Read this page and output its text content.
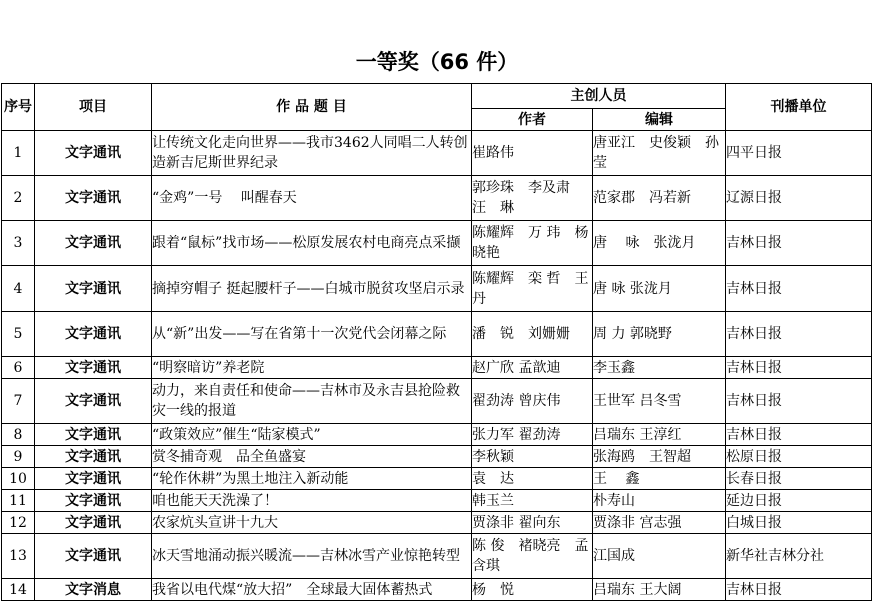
一等奖（66 件）
序号	项目	作 品 题 目	主创人员		刊播单位
			作者	编辑	
1	文字通讯	让传统文化走向世界——我市3462人同唱二人转创造新吉尼斯世界纪录	崔路伟	唐亚江　史俊颖　孙　莹	四平日报
2	文字通讯	“金鸡”一号　 叫醒春天	郭珍珠　李及肃　汪　琳	范家郡　冯若新	辽源日报
3	文字通讯	跟着“鼠标”找市场——松原发展农村电商亮点采撷	陈耀辉　万 玮　杨晓艳	唐　 咏　张泷月	吉林日报
4	文字通讯	摘掉穷帽子 挺起腰杆子——白城市脱贫攻坚启示录	陈耀辉　栾 哲　王　丹	唐 咏 张泷月	吉林日报
5	文字通讯	从“新”出发——写在省第十一次党代会闭幕之际	潘　锐　刘姗姗	周 力 郭晓野	吉林日报
6	文字通讯	“明察暗访”养老院	赵广欣 孟歆迪	李玉鑫	吉林日报
7	文字通讯	动力，来自责任和使命——吉林市及永吉县抢险救灾一线的报道	翟劲涛 曾庆伟	王世军 吕冬雪	吉林日报
8	文字通讯	“政策效应”催生“陆家模式”	张力军 翟劲涛	吕瑞东 王淳红	吉林日报
9	文字通讯	赏冬捕奇观　品全鱼盛宴	李秋颖	张海鸥　王智超	松原日报
10	文字通讯	“轮作休耕”为黑土地注入新动能	袁　达	王　 鑫	长春日报
11	文字通讯	咱也能天天洗澡了！	韩玉兰	朴寿山	延边日报
12	文字通讯	农家炕头宣讲十九大	贾涤非 翟向东	贾涤非 宫志强	白城日报
13	文字通讯	冰天雪地涌动振兴暖流——吉林冰雪产业惊艳转型	陈 俊　褚晓亮　孟含琪	江国成	新华社吉林分社
14	文字消息	我省以电代煤“放大招”　全球最大固体蓄热式	杨　悦	吕瑞东 王大阔	吉林日报
